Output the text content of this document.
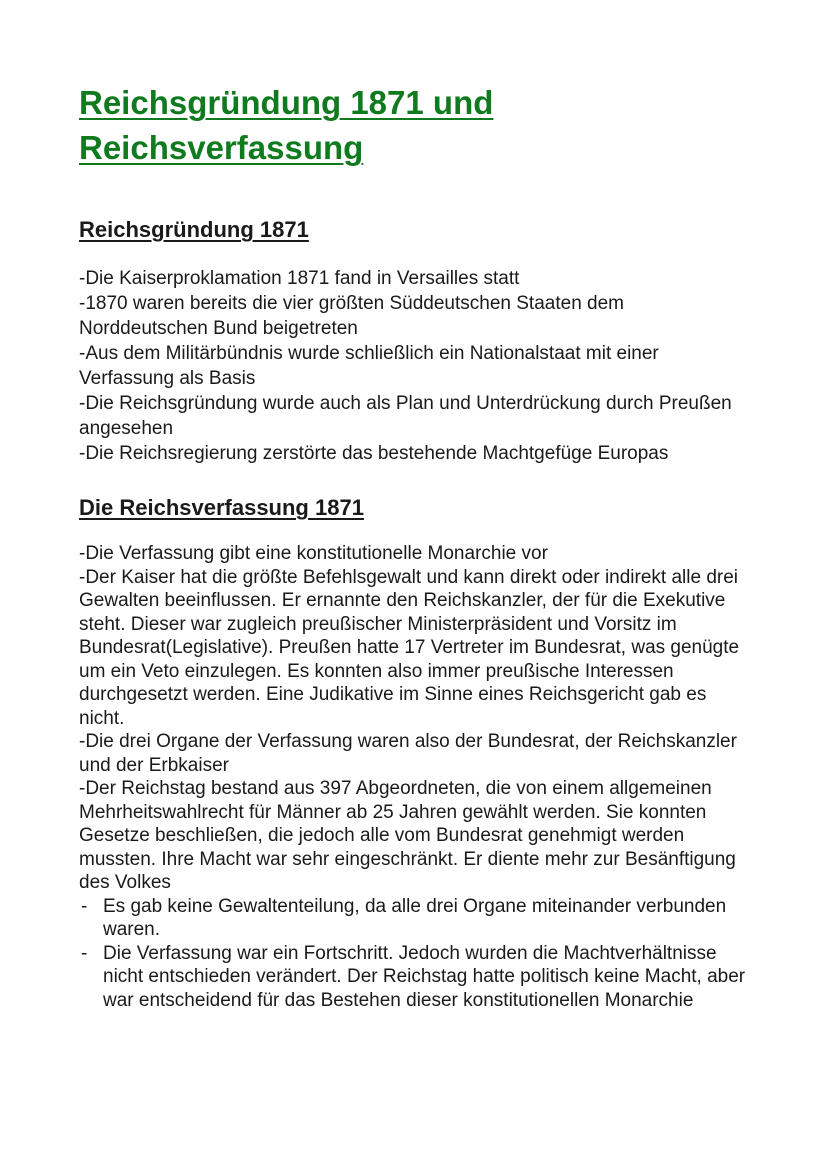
Reichsgründung 1871 und Reichsverfassung
Reichsgründung 1871
-Die Kaiserproklamation 1871 fand in Versailles statt
-1870 waren bereits die vier größten Süddeutschen Staaten dem Norddeutschen Bund beigetreten
-Aus dem Militärbündnis wurde schließlich ein Nationalstaat mit einer Verfassung als Basis
-Die Reichsgründung wurde auch als Plan und Unterdrückung durch Preußen angesehen
-Die Reichsregierung zerstörte das bestehende Machtgefüge Europas
Die Reichsverfassung 1871

-Die Verfassung gibt eine konstitutionelle Monarchie vor

-Der Kaiser hat die größte Befehlsgewalt und kann direkt oder indirekt alle drei Gewalten beeinflussen. Er ernannte den Reichskanzler, der für die Exekutive steht. Dieser war zugleich preußischer Ministerpräsident und Vorsitz im Bundesrat(Legislative). Preußen hatte 17 Vertreter im Bundesrat, was genügte um ein Veto einzulegen. Es konnten also immer preußische Interessen durchgesetzt werden. Eine Judikative im Sinne eines Reichsgericht gab es nicht.

-Die drei Organe der Verfassung waren also der Bundesrat, der Reichskanzler und der Erbkaiser

-Der Reichstag bestand aus 397 Abgeordneten, die von einem allgemeinen Mehrheitswahlrecht für Männer ab 25 Jahren gewählt werden. Sie konnten Gesetze beschließen, die jedoch alle vom Bundesrat genehmigt werden mussten. Ihre Macht war sehr eingeschränkt. Er diente mehr zur Besänftigung des Volkes

- Es gab keine Gewaltenteilung, da alle drei Organe miteinander verbunden waren.
- Die Verfassung war ein Fortschritt. Jedoch wurden die Machtverhältnisse nicht entschieden verändert. Der Reichstag hatte politisch keine Macht, aber war entscheidend für das Bestehen dieser konstitutionellen Monarchie
